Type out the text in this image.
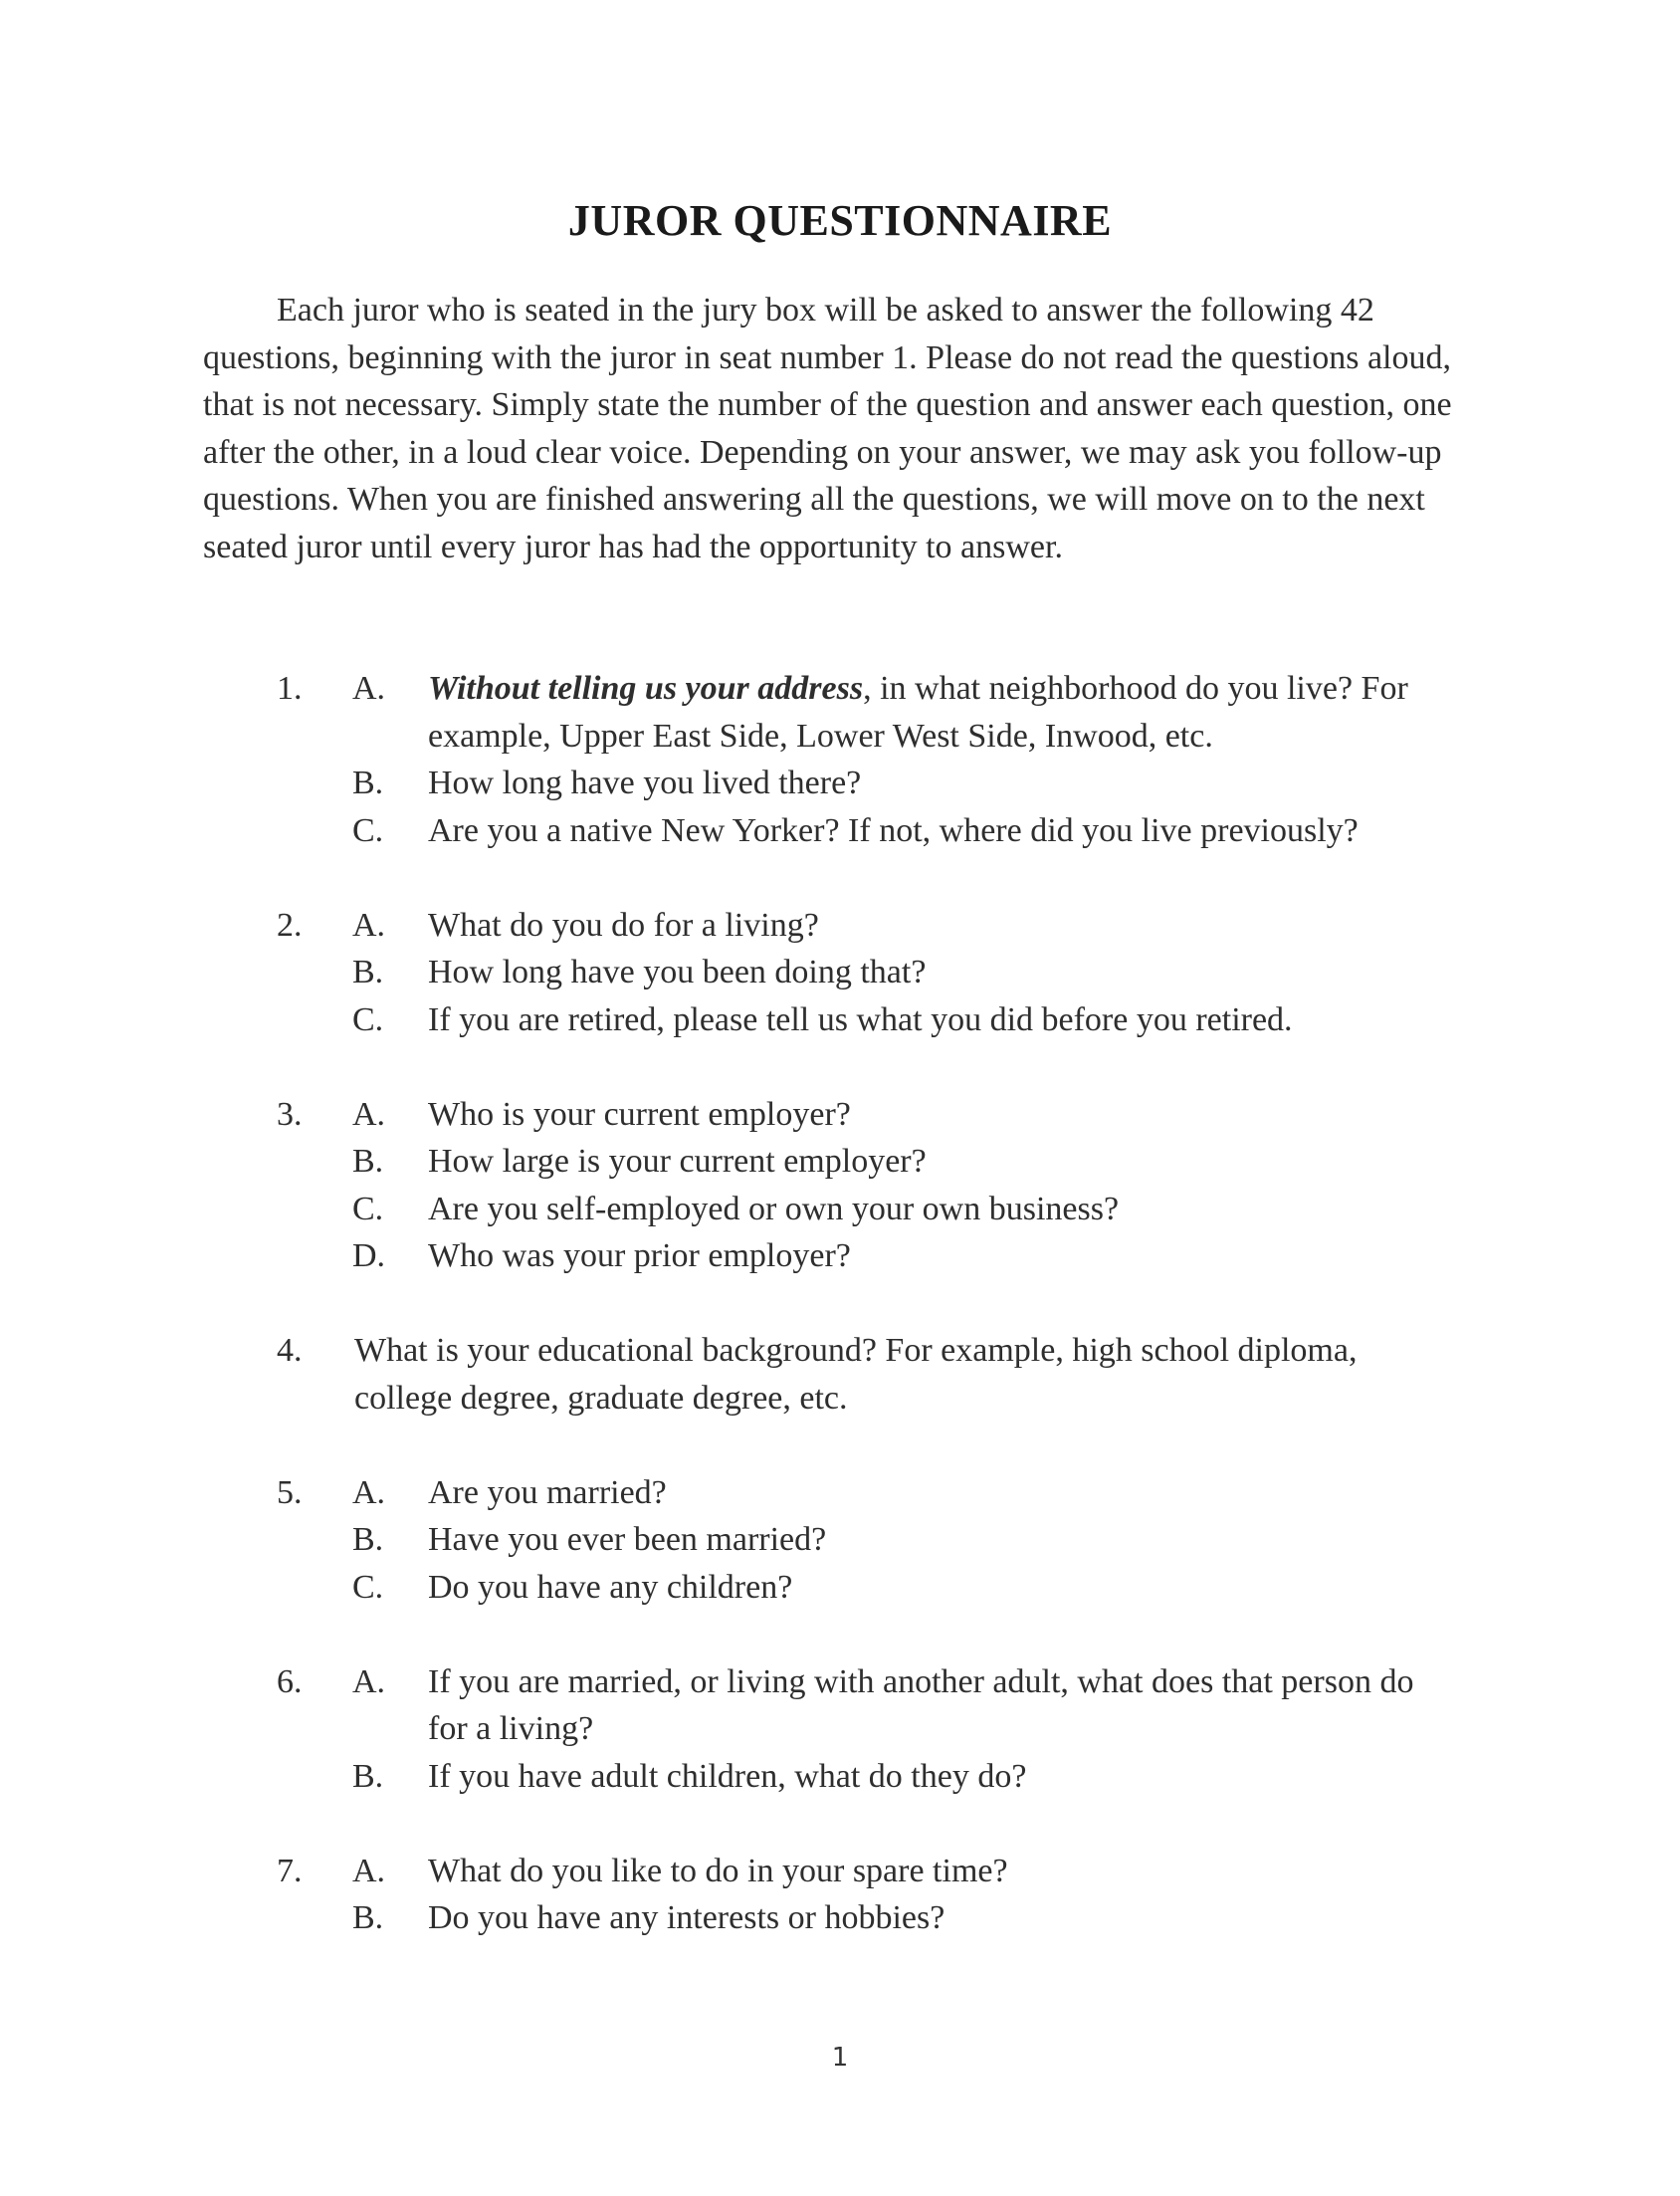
JUROR QUESTIONNAIRE
Each juror who is seated in the jury box will be asked to answer the following 42 questions, beginning with the juror in seat number 1. Please do not read the questions aloud, that is not necessary. Simply state the number of the question and answer each question, one after the other, in a loud clear voice. Depending on your answer, we may ask you follow-up questions. When you are finished answering all the questions, we will move on to the next seated juror until every juror has had the opportunity to answer.
1. A. Without telling us your address, in what neighborhood do you live? For example, Upper East Side, Lower West Side, Inwood, etc.
B. How long have you lived there?
C. Are you a native New Yorker? If not, where did you live previously?
2. A. What do you do for a living?
B. How long have you been doing that?
C. If you are retired, please tell us what you did before you retired.
3. A. Who is your current employer?
B. How large is your current employer?
C. Are you self-employed or own your own business?
D. Who was your prior employer?
4. What is your educational background? For example, high school diploma, college degree, graduate degree, etc.
5. A. Are you married?
B. Have you ever been married?
C. Do you have any children?
6. A. If you are married, or living with another adult, what does that person do for a living?
B. If you have adult children, what do they do?
7. A. What do you like to do in your spare time?
B. Do you have any interests or hobbies?
1
